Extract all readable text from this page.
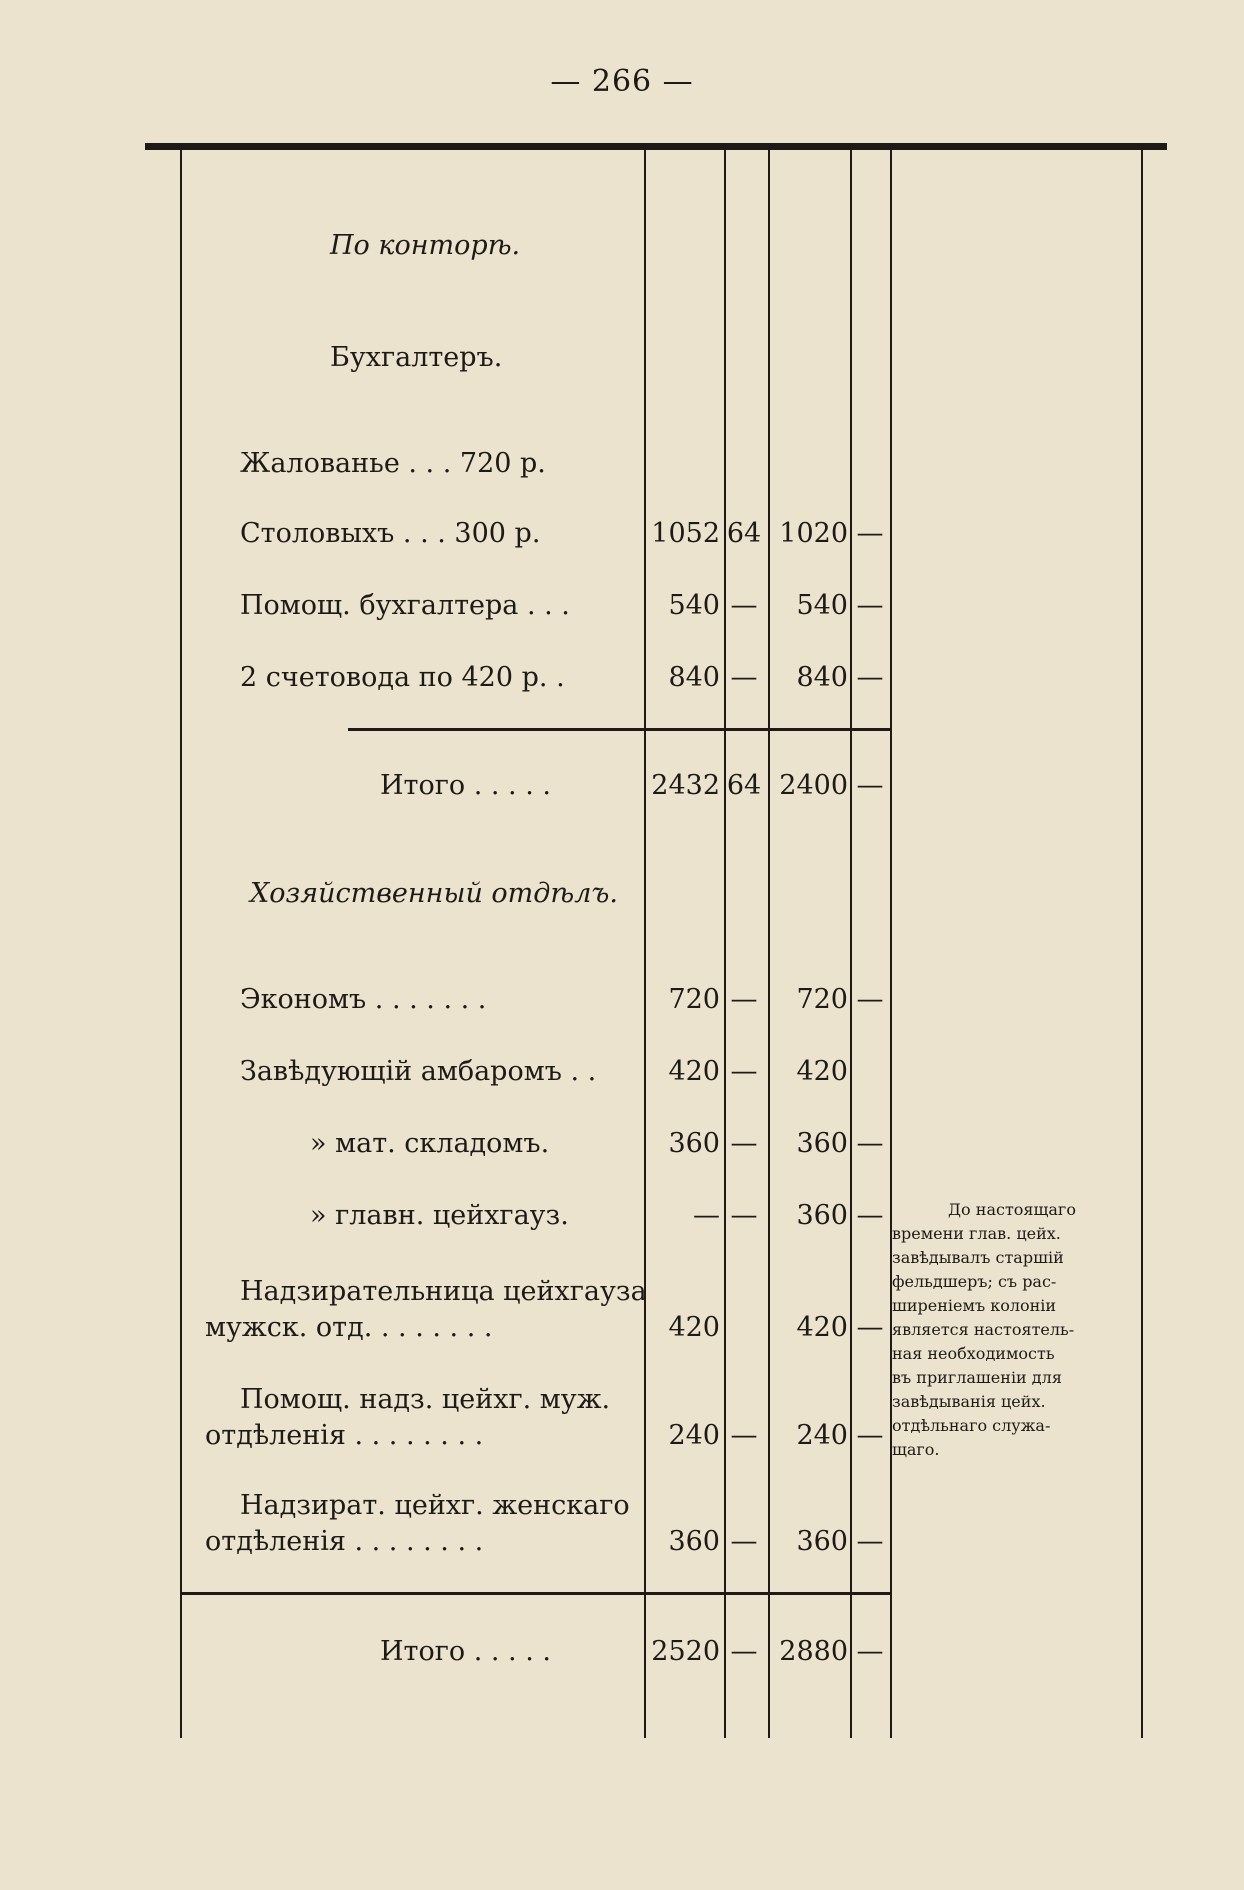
— 266 —
По конторѣ.
Бухгалтеръ.
Жалованье . . . 720 р.
Столовыхъ . . . 300 р.	1052 64 1020 —
Помощ. бухгалтера . . .	540 — 540 —
2 счетовода по 420 р. .	840 — 840 —
Итого . . . . .	2432 64 2400 —
Хозяйственный отдѣлъ.
Экономъ . . . . . . .	720 — 720 —
Завѣдующій амбаромъ . .	420 — 420
» мат. складомъ.	360 — 360 —
» главн. цейхгауз.	— — 360 —
Надзирательница цейхгауза
мужск. отд. . . . . . . .	420	420 —
Помощ. надз. цейхг. муж.
отдѣленія . . . . . . . .	240 — 240 —
Надзират. цейхг. женскаго
отдѣленія . . . . . . . .	360 — 360 —
Итого . . . . .	2520 — 2880 —
До настоящаго
времени глав. цейх.
завѣдывалъ старшій
фельдшеръ; съ рас-
ширеніемъ колоніи
является настоятель-
ная необходимость
въ приглашеніи для
завѣдыванія цейх.
отдѣльнаго служа-
щаго.
